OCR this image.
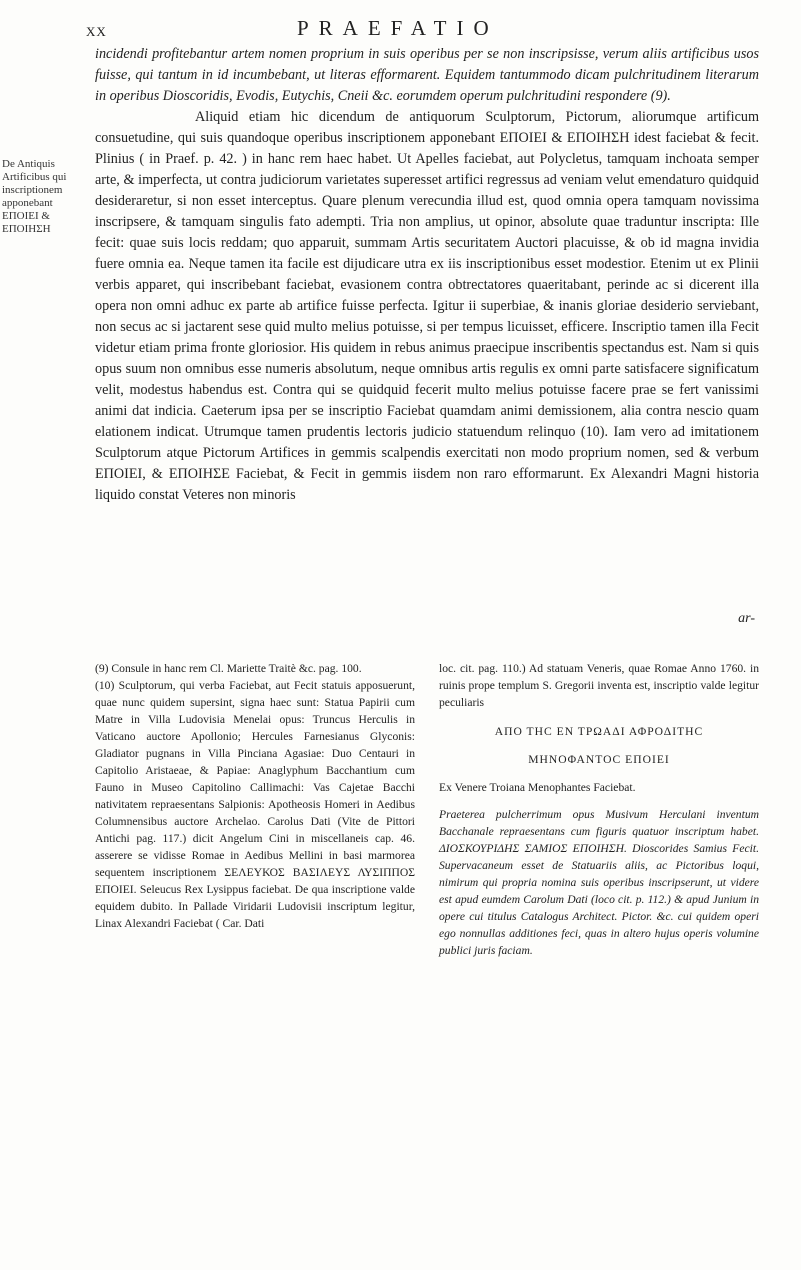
XX	PRAEFATIO
De Antiquis Artificibus qui inscriptionem apponebant EΠΟΙΕΙ & EΠΟΙΗΣΗ

incidendi profitebantur artem nomen proprium in suis operibus per se non inscripsisse, verum aliis artificibus usos fuisse, qui tantum in id incumbebant, ut literas efformarent. Equidem tantummodo dicam pulchritudinem literarum in operibus Dioscoridis, Evodis, Eutychis, Cneii &c. eorumdem operum pulchritudini respondere (9).

Aliquid etiam hic dicendum de antiquorum Sculptorum, Pictorum, aliorumque artificum consuetudine, qui suis quandoque operibus inscriptionem apponebant EΠΟΙΕΙ & EΠΟΙΗΣΗ idest faciebat & fecit. Plinius ( in Praef. p. 42. ) in hanc rem haec habet. Ut Apelles faciebat, aut Polycletus, tamquam inchoata semper arte, & imperfecta, ut contra judiciorum varietates superesset artifici regressus ad veniam velut emendaturo quidquid desideraretur, si non esset interceptus. Quare plenum verecundia illud est, quod omnia opera tamquam novissima inscripsere, & tamquam singulis fato adempti. Tria non amplius, ut opinor, absolute quae traduntur inscripta: Ille fecit: quae suis locis reddam; quo apparuit, summam Artis securitatem Auctori placuisse, & ob id magna invidia fuere omnia ea. Neque tamen ita facile est dijudicare utra ex iis inscriptionibus esset modestior. Etenim ut ex Plinii verbis apparet, qui inscribebant faciebat, evasionem contra obtrectatores quaeritabant, perinde ac si dicerent illa opera non omni adhuc ex parte ab artifice fuisse perfecta. Igitur ii superbiae, & inanis gloriae desiderio serviebant, non secus ac si jactarent sese quid multo melius potuisse, si per tempus licuisset, efficere. Inscriptio tamen illa Fecit videtur etiam prima fronte gloriosior. His quidem in rebus animus praecipue inscribentis spectandus est. Nam si quis opus suum non omnibus esse numeris absolutum, neque omnibus artis regulis ex omni parte satisfacere significatum velit, modestus habendus est. Contra qui se quidquid fecerit multo melius potuisse facere prae se fert vanissimi animi dat indicia. Caeterum ipsa per se inscriptio Faciebat quamdam animi demissionem, alia contra nescio quam elationem indicat. Utrumque tamen prudentis lectoris judicio statuendum relinquo (10). Iam vero ad imitationem Sculptorum atque Pictorum Artifices in gemmis scalpendis exercitati non modo proprium nomen, sed & verbum EΠΟΙΕΙ, & EΠΟΙΗΣΕ Faciebat, & Fecit in gemmis iisdem non raro efformarunt. Ex Alexandri Magni historia liquido constat Veteres non minoris

ar-

(9) Consule in hanc rem Cl. Mariette Traitè &c. pag. 100.

(10) Sculptorum, qui verba Faciebat, aut Fecit statuis apposuerunt, quae nunc quidem supersint, signa haec sunt: Statua Papirii cum Matre in Villa Ludovisia Menelai opus: Truncus Herculis in Vaticano auctore Apollonio; Hercules Farnesianus Glyconis: Gladiator pugnans in Villa Pinciana Agasiae: Duo Centauri in Capitolio Aristaeae, & Papiae: Anaglyphum Bacchantium cum Fauno in Museo Capitolino Callimachi: Vas Cajetae Bacchi nativitatem repraesentans Salpionis: Apotheosis Homeri in Aedibus Columnensibus auctore Archelao. Carolus Dati (Vite de Pittori Antichi pag. 117.) dicit Angelum Cini in miscellaneis cap. 46. asserere se vidisse Romae in Aedibus Mellini in basi marmorea sequentem inscriptionem ΣΕΛΕΥΚΟΣ ΒΑΣΙΛΕΥΣ ΛΥΣΙΠΠΟΣ ΕΠΟΙΕΙ. Seleucus Rex Lysippus faciebat. De qua inscriptione valde equidem dubito. In Pallade Viridarii Ludovisii inscriptum legitur, Linax Alexandri Faciebat ( Car. Dati

loc. cit. pag. 110.) Ad statuam Veneris, quae Romae Anno 1760. in ruinis prope templum S. Gregorii inventa est, inscriptio valde legitur peculiaris

ΑΠΟ ΤΗC ΕΝ ΤΡΩΑΔΙ ΑΦΡΟΔΙΤΗC

ΜΗΝΟΦΑΝΤΟC ΕΠΟΙΕΙ

Ex Venere Troiana Menophantes Faciebat.

Praeterea pulcherrimum opus Musivum Herculani inventum Bacchanale repraesentans cum figuris quatuor inscriptum habet. ΔΙΟΣΚΟΥΡΙΔΗΣ ΣΑΜΙΟΣ ΕΠΟΙΗΣΗ. Dioscorides Samius Fecit. Supervacaneum esset de Statuariis aliis, ac Pictoribus loqui, nimirum qui propria nomina suis operibus inscripserunt, ut videre est apud eumdem Carolum Dati (loco cit. p. 112.) & apud Junium in opere cui titulus Catalogus Architect. Pictor. &c. cui quidem operi ego nonnullas additiones feci, quas in altero hujus operis volumine publici juris faciam.
